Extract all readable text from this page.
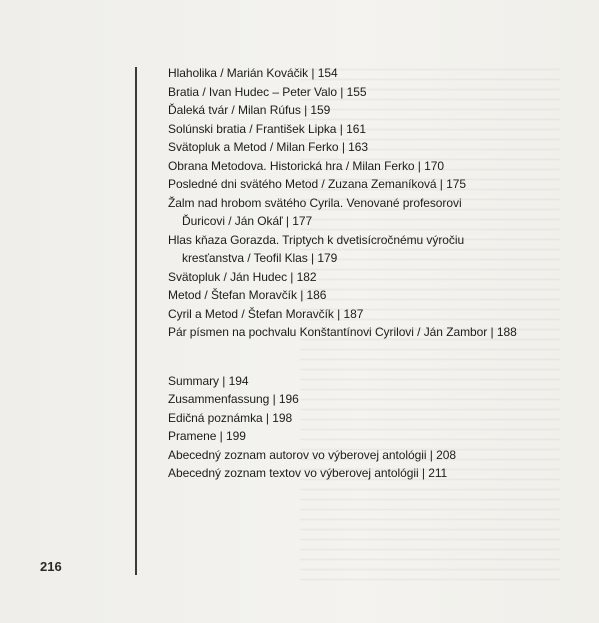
Hlaholika / Marián Kováčik | 154
Bratia / Ivan Hudec – Peter Valo | 155
Ďaleká tvár / Milan Rúfus | 159
Solúnski bratia / František Lipka | 161
Svätopluk a Metod / Milan Ferko | 163
Obrana Metodova. Historická hra / Milan Ferko | 170
Posledné dni svätého Metod / Zuzana Zemaníková | 175
Žalm nad hrobom svätého Cyrila. Venované profesorovi
Ďuricovi / Ján Okáľ | 177
Hlas kňaza Gorazda. Triptych k dvetisícročnému výročiu
kresťanstva / Teofil Klas | 179
Svätopluk / Ján Hudec | 182
Metod / Štefan Moravčík | 186
Cyril a Metod / Štefan Moravčík | 187
Pár písmen na pochvalu Konštantínovi Cyrilovi / Ján Zambor | 188
Summary | 194
Zusammenfassung | 196
Edičná poznámka | 198
Pramene | 199
Abecedný zoznam autorov vo výberovej antológii | 208
Abecedný zoznam textov vo výberovej antológii | 211
216
